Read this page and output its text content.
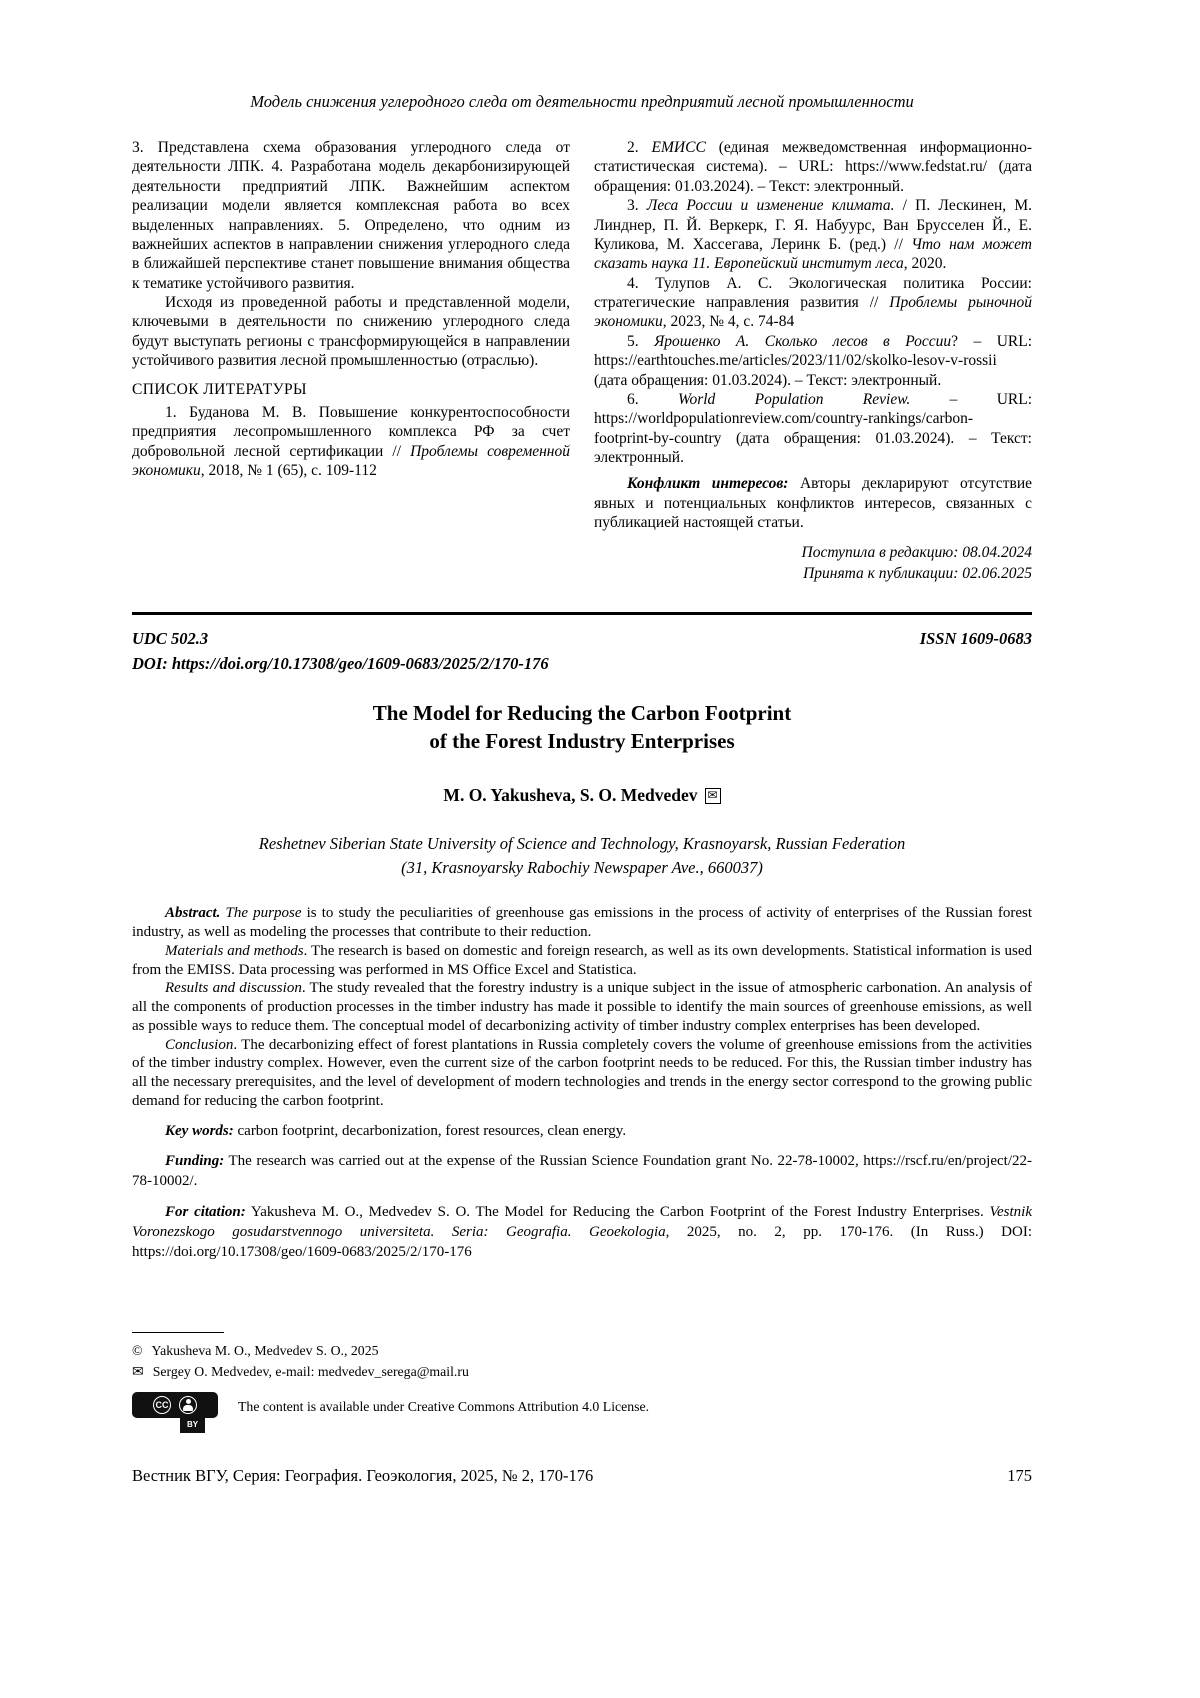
Модель снижения углеродного следа от деятельности предприятий лесной промышленности

3. Представлена схема образования углеродного следа от деятельности ЛПК. 4. Разработана модель декарбонизирующей деятельности предприятий ЛПК. Важнейшим аспектом реализации модели является комплексная работа во всех выделенных направлениях. 5. Определено, что одним из важнейших аспектов в направлении снижения углеродного следа в ближайшей перспективе станет повышение внимания общества к тематике устойчивого развития.

Исходя из проведенной работы и представленной модели, ключевыми в деятельности по снижению углеродного следа будут выступать регионы с трансформирующейся в направлении устойчивого развития лесной промышленностью (отраслью).

СПИСОК ЛИТЕРАТУРЫ

1. Буданова М. В. Повышение конкурентоспособности предприятия лесопромышленного комплекса РФ за счет добровольной лесной сертификации // Проблемы современной экономики, 2018, № 1 (65), с. 109-112

2. ЕМИСС (единая межведомственная информационно-статистическая система). – URL: https://www.fedstat.ru/ (дата обращения: 01.03.2024). – Текст: электронный.

3. Леса России и изменение климата. / П. Лескинен, М. Линднер, П. Й. Веркерк, Г. Я. Набуурс, Ван Брусселен Й., Е. Куликова, М. Хассегава, Леринк Б. (ред.) // Что нам может сказать наука 11. Европейский институт леса, 2020.

4. Тулупов А. С. Экологическая политика России: стратегические направления развития // Проблемы рыночной экономики, 2023, № 4, с. 74-84

5. Ярошенко А. Сколько лесов в России? – URL: https://earthtouches.me/articles/2023/11/02/skolko-lesov-v-rossii (дата обращения: 01.03.2024). – Текст: электронный.

6. World Population Review. – URL: https://worldpopulationreview.com/country-rankings/carbon-footprint-by-country (дата обращения: 01.03.2024). – Текст: электронный.

Конфликт интересов: Авторы декларируют отсутствие явных и потенциальных конфликтов интересов, связанных с публикацией настоящей статьи.

Поступила в редакцию: 08.04.2024

Принята к публикации: 02.06.2025

UDC 502.3	ISSN 1609-0683
DOI: https://doi.org/10.17308/geo/1609-0683/2025/2/170-176
The Model for Reducing the Carbon Footprint
of the Forest Industry Enterprises
M. O. Yakusheva, S. O. Medvedev ✉
Reshetnev Siberian State University of Science and Technology, Krasnoyarsk, Russian Federation
(31, Krasnoyarsky Rabochiy Newspaper Ave., 660037)

Abstract. The purpose is to study the peculiarities of greenhouse gas emissions in the process of activity of enterprises of the Russian forest industry, as well as modeling the processes that contribute to their reduction.

Materials and methods. The research is based on domestic and foreign research, as well as its own developments. Statistical information is used from the EMISS. Data processing was performed in MS Office Excel and Statistica.

Results and discussion. The study revealed that the forestry industry is a unique subject in the issue of atmospheric carbonation. An analysis of all the components of production processes in the timber industry has made it possible to identify the main sources of greenhouse emissions, as well as possible ways to reduce them. The conceptual model of decarbonizing activity of timber industry complex enterprises has been developed.

Conclusion. The decarbonizing effect of forest plantations in Russia completely covers the volume of greenhouse emissions from the activities of the timber industry complex. However, even the current size of the carbon footprint needs to be reduced. For this, the Russian timber industry has all the necessary prerequisites, and the level of development of modern technologies and trends in the energy sector correspond to the growing public demand for reducing the carbon footprint.

Key words: carbon footprint, decarbonization, forest resources, clean energy.

Funding: The research was carried out at the expense of the Russian Science Foundation grant No. 22-78-10002, https://rscf.ru/en/project/22-78-10002/.

For citation: Yakusheva M. O., Medvedev S. O. The Model for Reducing the Carbon Footprint of the Forest Industry Enterprises. Vestnik Voronezskogo gosudarstvennogo universiteta. Seria: Geografia. Geoekologia, 2025, no. 2, pp. 170-176. (In Russ.) DOI: https://doi.org/10.17308/geo/1609-0683/2025/2/170-176

© Yakusheva M. O., Medvedev S. O., 2025
✉ Sergey O. Medvedev, e-mail: medvedev_serega@mail.ru
CC
BY
The content is available under Creative Commons Attribution 4.0 License.
Вестник ВГУ, Серия: География. Геоэкология, 2025, № 2, 170-176	175
